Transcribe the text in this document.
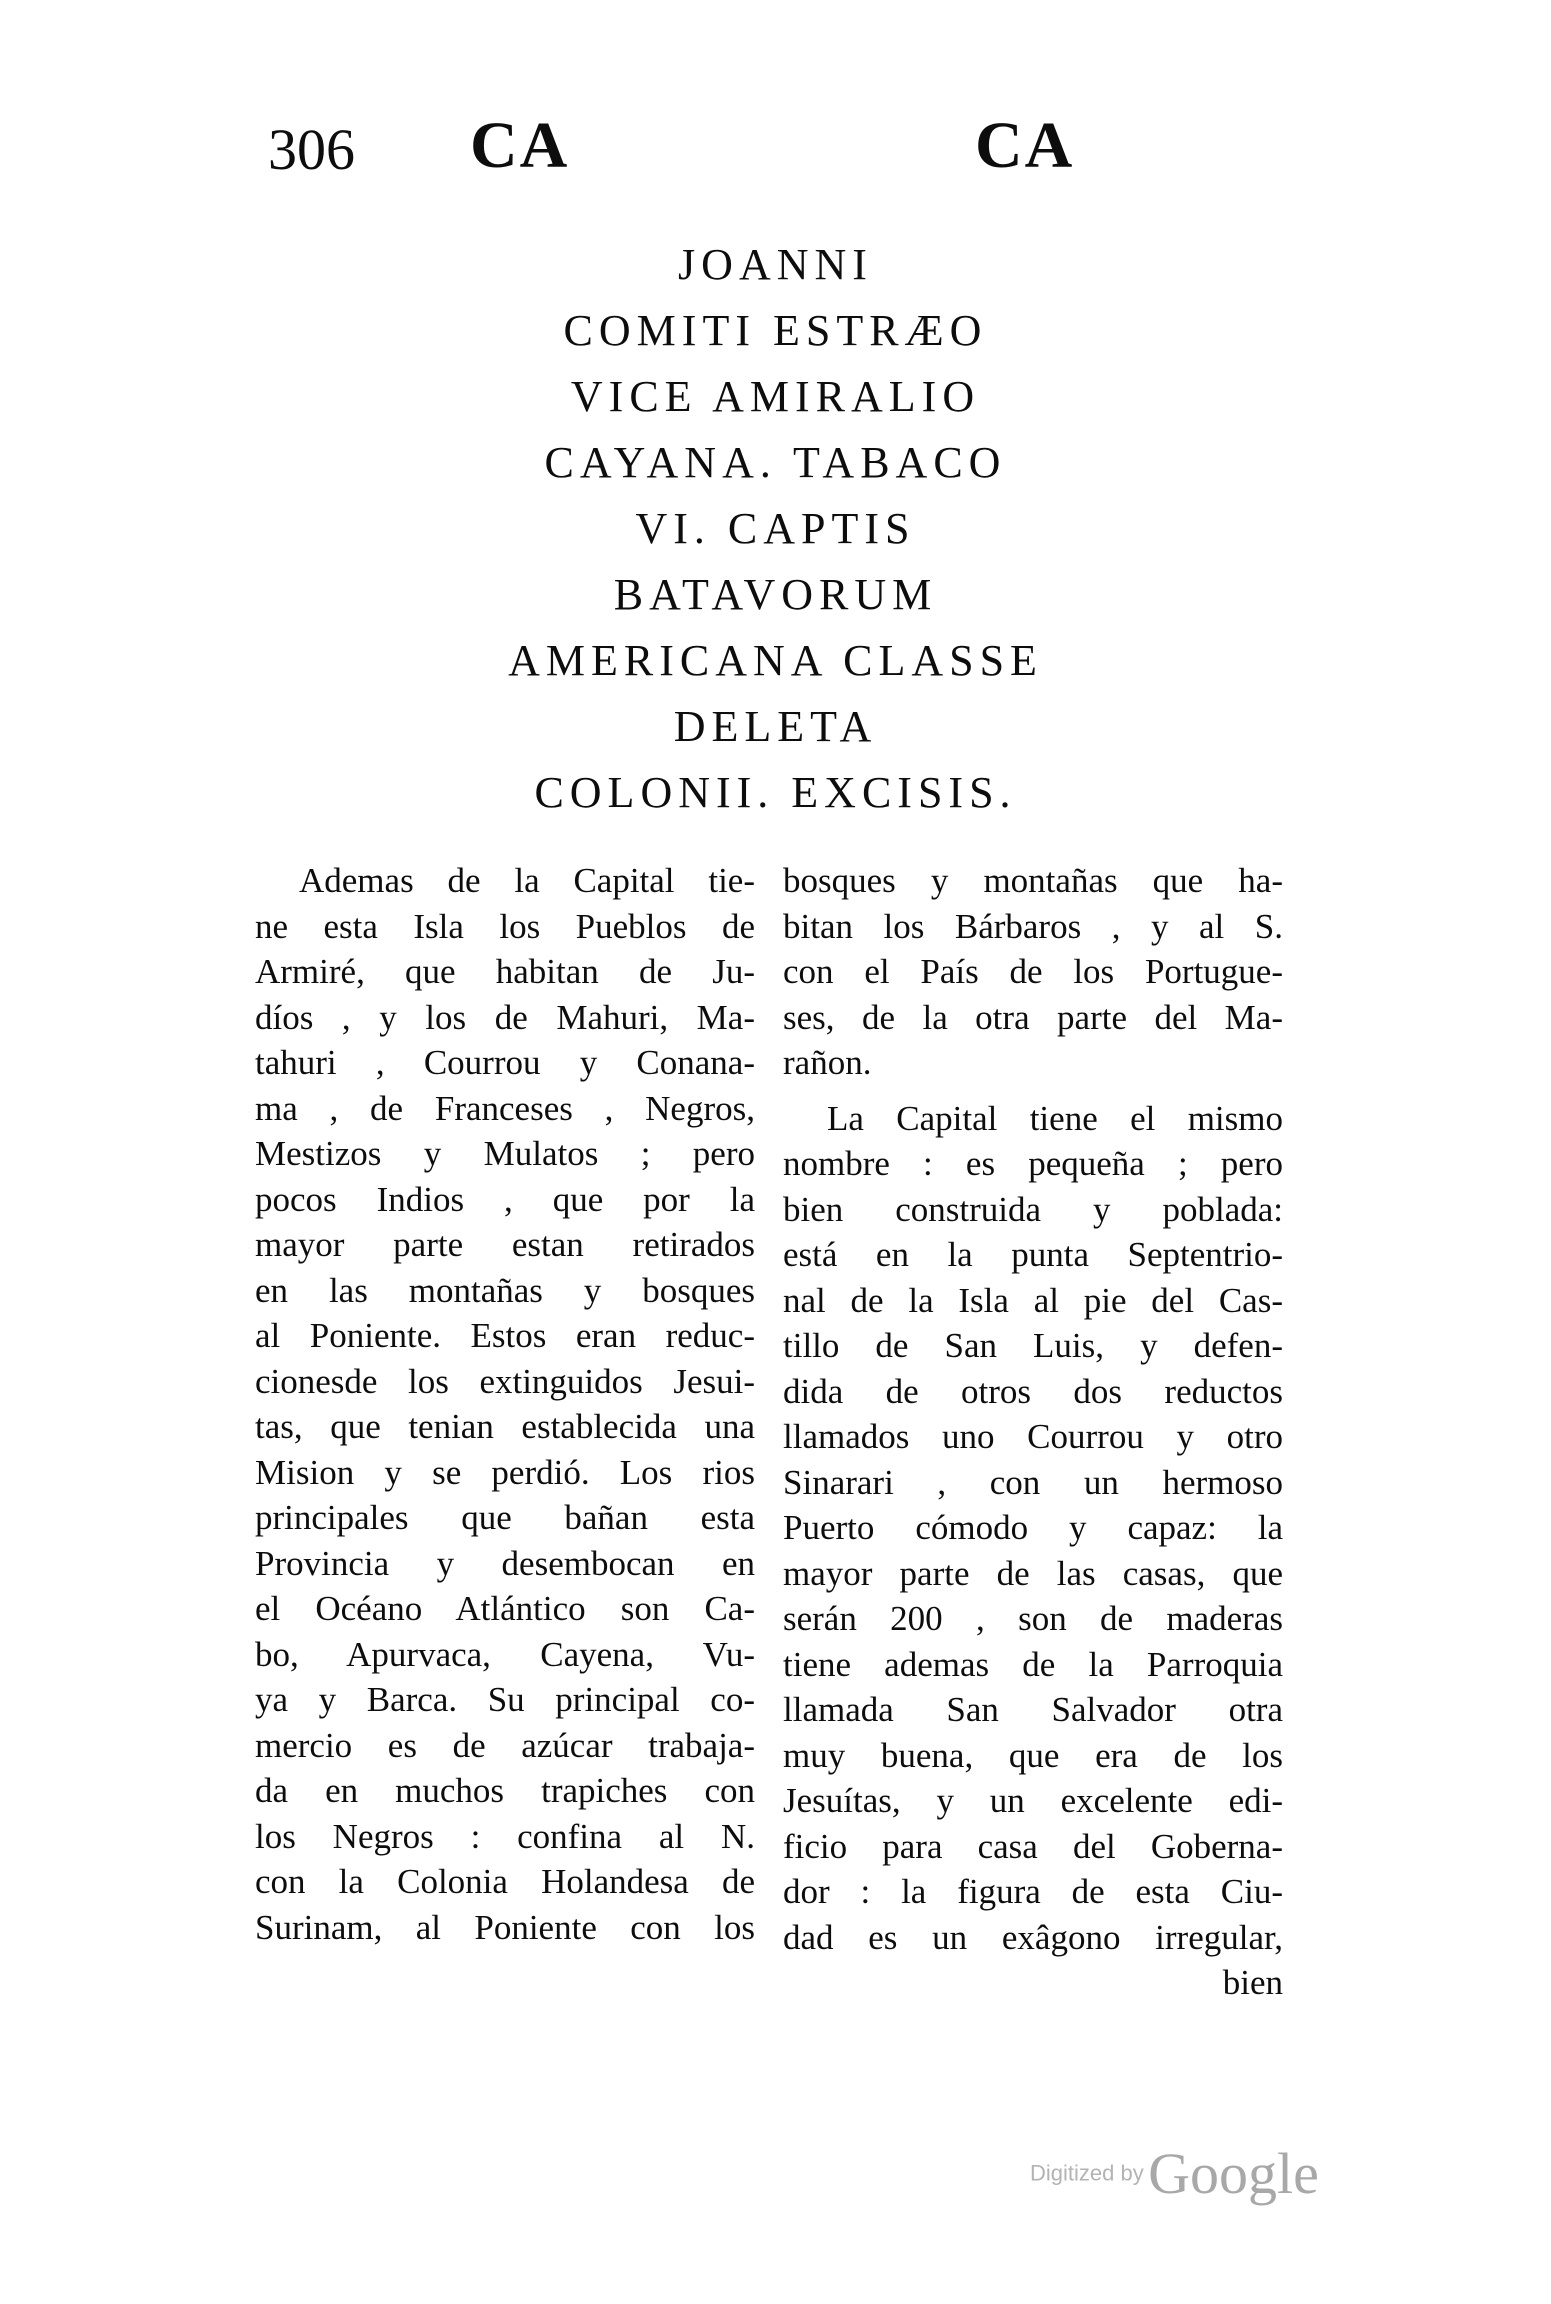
306 CA	CA
JOANNI
COMITI ESTRÆO
VICE AMIRALIO
CAYANA. TABACO
VI. CAPTIS
BATAVORUM
AMERICANA CLASSE
DELETA
COLONII. EXCISIS.
Ademas de la Capital tie-
ne esta Isla los Pueblos de
Armiré, que habitan de Ju-
díos , y los de Mahuri, Ma-
tahuri , Courrou y Conana-
ma , de Franceses , Negros,
Mestizos y Mulatos ; pero
pocos Indios , que por la
mayor parte estan retirados
en las montañas y bosques
al Poniente. Estos eran reduc-
cionesde los extinguidos Jesui-
tas, que tenian establecida una
Mision y se perdió. Los rios
principales que bañan esta
Provincia y desembocan en
el Océano Atlántico son Ca-
bo, Apurvaca, Cayena, Vu-
ya y Barca. Su principal co-
mercio es de azúcar trabaja-
da en muchos trapiches con
los Negros : confina al N.
con la Colonia Holandesa de
Surinam, al Poniente con los
bosques y montañas que ha-
bitan los Bárbaros , y al S.
con el País de los Portugue-
ses, de la otra parte del Ma-
rañon.
La Capital tiene el mismo
nombre : es pequeña ; pero
bien construida y poblada:
está en la punta Septentrio-
nal de la Isla al pie del Cas-
tillo de San Luis, y defen-
dida de otros dos reductos
llamados uno Courrou y otro
Sinarari , con un hermoso
Puerto cómodo y capaz: la
mayor parte de las casas, que
serán 200 , son de maderas
tiene ademas de la Parroquia
llamada San Salvador otra
muy buena, que era de los
Jesuítas, y un excelente edi-
ficio para casa del Goberna-
dor : la figura de esta Ciu-
dad es un exâgono irregular,
bien
Digitized by Google
